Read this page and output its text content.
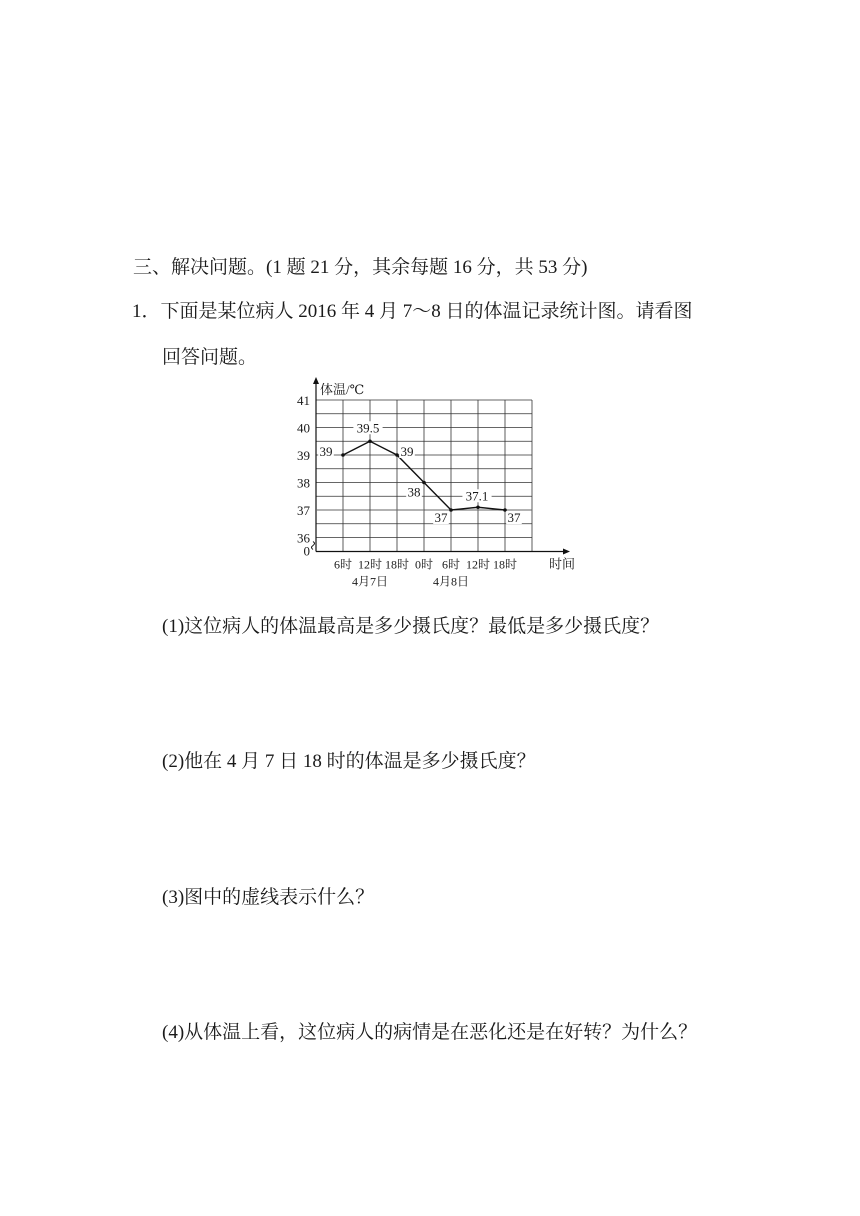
三、解决问题。(1 题 21 分，其余每题 16 分，共 53 分)
1．下面是某位病人 2016 年 4 月 7～8 日的体温记录统计图。请看图
回答问题。
体温/℃
时间
41
40
39
38
37
36
0
6时 12时 18时 0时 6时 12时 18时
4月7日	4月8日
39
39.5
39
38
37
37.1
37
(1)这位病人的体温最高是多少摄氏度？最低是多少摄氏度？
(2)他在 4 月 7 日 18 时的体温是多少摄氏度？
(3)图中的虚线表示什么？
(4)从体温上看，这位病人的病情是在恶化还是在好转？为什么？
